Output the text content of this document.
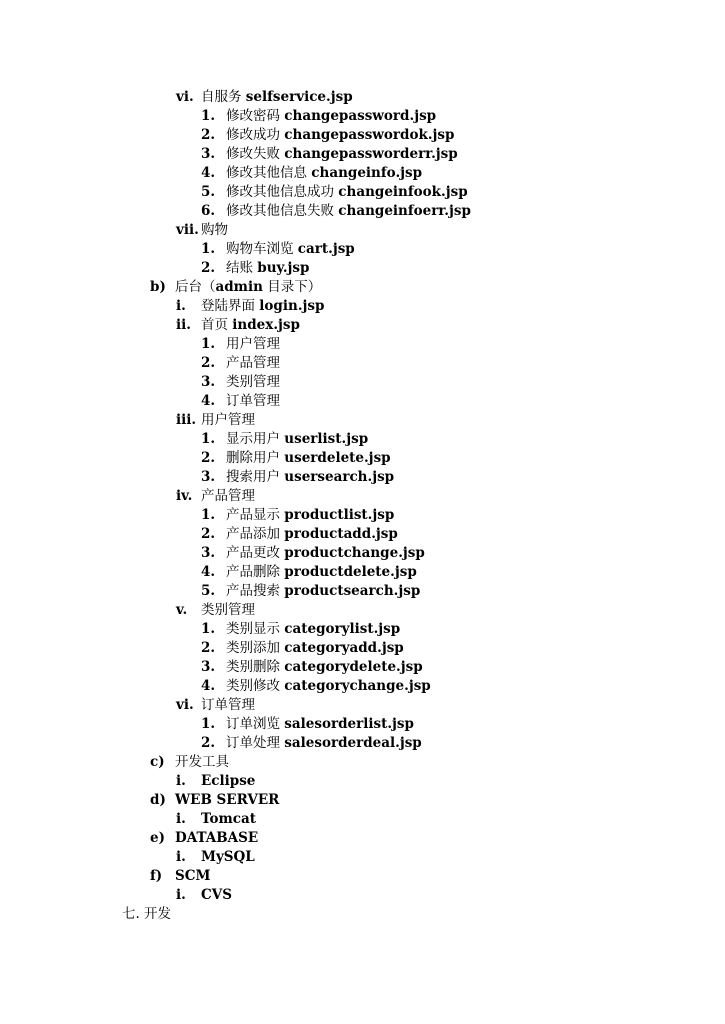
vi. 自服务 selfservice.jsp
1. 修改密码 changepassword.jsp
2. 修改成功 changepasswordok.jsp
3. 修改失败 changepassworderr.jsp
4. 修改其他信息 changeinfo.jsp
5. 修改其他信息成功 changeinfook.jsp
6. 修改其他信息失败 changeinfoerr.jsp
vii. 购物
1. 购物车浏览 cart.jsp
2. 结账 buy.jsp
b) 后台（admin 目录下）
i. 登陆界面 login.jsp
ii. 首页 index.jsp
1. 用户管理
2. 产品管理
3. 类别管理
4. 订单管理
iii. 用户管理
1. 显示用户 userlist.jsp
2. 删除用户 userdelete.jsp
3. 搜索用户 usersearch.jsp
iv. 产品管理
1. 产品显示 productlist.jsp
2. 产品添加 productadd.jsp
3. 产品更改 productchange.jsp
4. 产品删除 productdelete.jsp
5. 产品搜索 productsearch.jsp
v. 类别管理
1. 类别显示 categorylist.jsp
2. 类别添加 categoryadd.jsp
3. 类别删除 categorydelete.jsp
4. 类别修改 categorychange.jsp
vi. 订单管理
1. 订单浏览 salesorderlist.jsp
2. 订单处理 salesorderdeal.jsp
c) 开发工具
i. Eclipse
d) WEB SERVER
i. Tomcat
e) DATABASE
i. MySQL
f) SCM
i. CVS
七. 开发
